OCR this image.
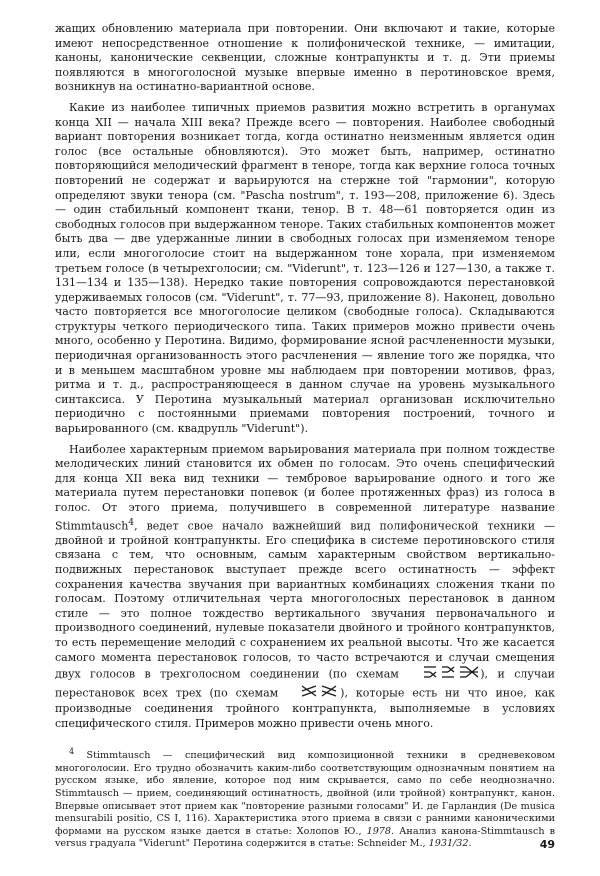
жащих обновлению материала при повторении. Они включают и такие, которые имеют непосредственное отношение к полифонической технике, — имитации, каноны, канонические секвенции, сложные контрапункты и т. д. Эти приемы появляются в многоголосной музыке впервые именно в перотиновское время, возникнув на остинатно-вариантной основе.

Какие из наиболее типичных приемов развития можно встретить в органумах конца XII — начала XIII века? Прежде всего — повторения. Наиболее свободный вариант повторения возникает тогда, когда остинатно неизменным является один голос (все остальные обновляются). Это может быть, например, остинатно повторяющийся мелодический фрагмент в теноре, тогда как верхние голоса точных повторений не содержат и варьируются на стержне той "гармонии", которую определяют звуки тенора (см. "Pascha nostrum", т. 193—208, приложение 6). Здесь — один стабильный компонент ткани, тенор. В т. 48—61 повторяется один из свободных голосов при выдержанном теноре. Таких стабильных компонентов может быть два — две удержанные линии в свободных голосах при изменяемом теноре или, если многоголосие стоит на выдержанном тоне хорала, при изменяемом третьем голосе (в четырехголосии; см. "Viderunt", т. 123—126 и 127—130, а также т. 131—134 и 135—138). Нередко такие повторения сопровождаются перестановкой удерживаемых голосов (см. "Viderunt", т. 77—93, приложение 8). Наконец, довольно часто повторяется все многоголосие целиком (свободные голоса). Складываются структуры четкого периодического типа. Таких примеров можно привести очень много, особенно у Перотина. Видимо, формирование ясной расчлененности музыки, периодичная организованность этого расчленения — явление того же порядка, что и в меньшем масштабном уровне мы наблюдаем при повторении мотивов, фраз, ритма и т. д., распространяющееся в данном случае на уровень музыкального синтаксиса. У Перотина музыкальный материал организован исключительно периодично с постоянными приемами повторения построений, точного и варьированного (см. квадрупль "Viderunt").

Наиболее характерным приемом варьирования материала при полном тождестве мелодических линий становится их обмен по голосам. Это очень специфический для конца XII века вид техники — тембровое варьирование одного и того же материала путем перестановки попевок (и более протяженных фраз) из голоса в голос. От этого приема, получившего в современной литературе название Stimmtausch$^4$, ведет свое начало важнейший вид полифонической техники — двойной и тройной контрапункты. Его специфика в системе перотиновского стиля связана с тем, что основным, самым характерным свойством вертикально-подвижных перестановок выступает прежде всего остинатность — эффект сохранения качества звучания при вариантных комбинациях сложения ткани по голосам. Поэтому отличительная черта многоголосных перестановок в данном стиле — это полное тождество вертикального звучания первоначального и производного соединений, нулевые показатели двойного и тройного контрапунктов, то есть перемещение мелодий с сохранением их реальной высоты. Что же касается самого момента перестановок голосов, то часто встречаются и случаи смещения двух голосов в трехголосном соединении (по схемам	), и случаи перестановок всех трех (по схемам	), которые есть ни что иное, как производные соединения тройного контрапункта, выполняемые в условиях специфического стиля. Примеров можно привести очень много.

$^4$ Stimmtausch — специфический вид композиционной техники в средневековом многоголосии. Его трудно обозначить каким-либо соответствующим однозначным понятием на русском языке, ибо явление, которое под ним скрывается, само по себе неоднозначно. Stimmtausch — прием, соединяющий остинатность, двойной (или тройной) контрапункт, канон. Впервые описывает этот прием как "повторение разными голосами" И. де Гарландия (De musica mensurabili positio, CS I, 116). Характеристика этого приема в связи с ранними каноническими формами на русском языке дается в статье: Холопов Ю., 1978. Анализ канона-Stimmtausch в versus градуала "Viderunt" Перотина содержится в статье: Schneider M., 1931/32.	49
